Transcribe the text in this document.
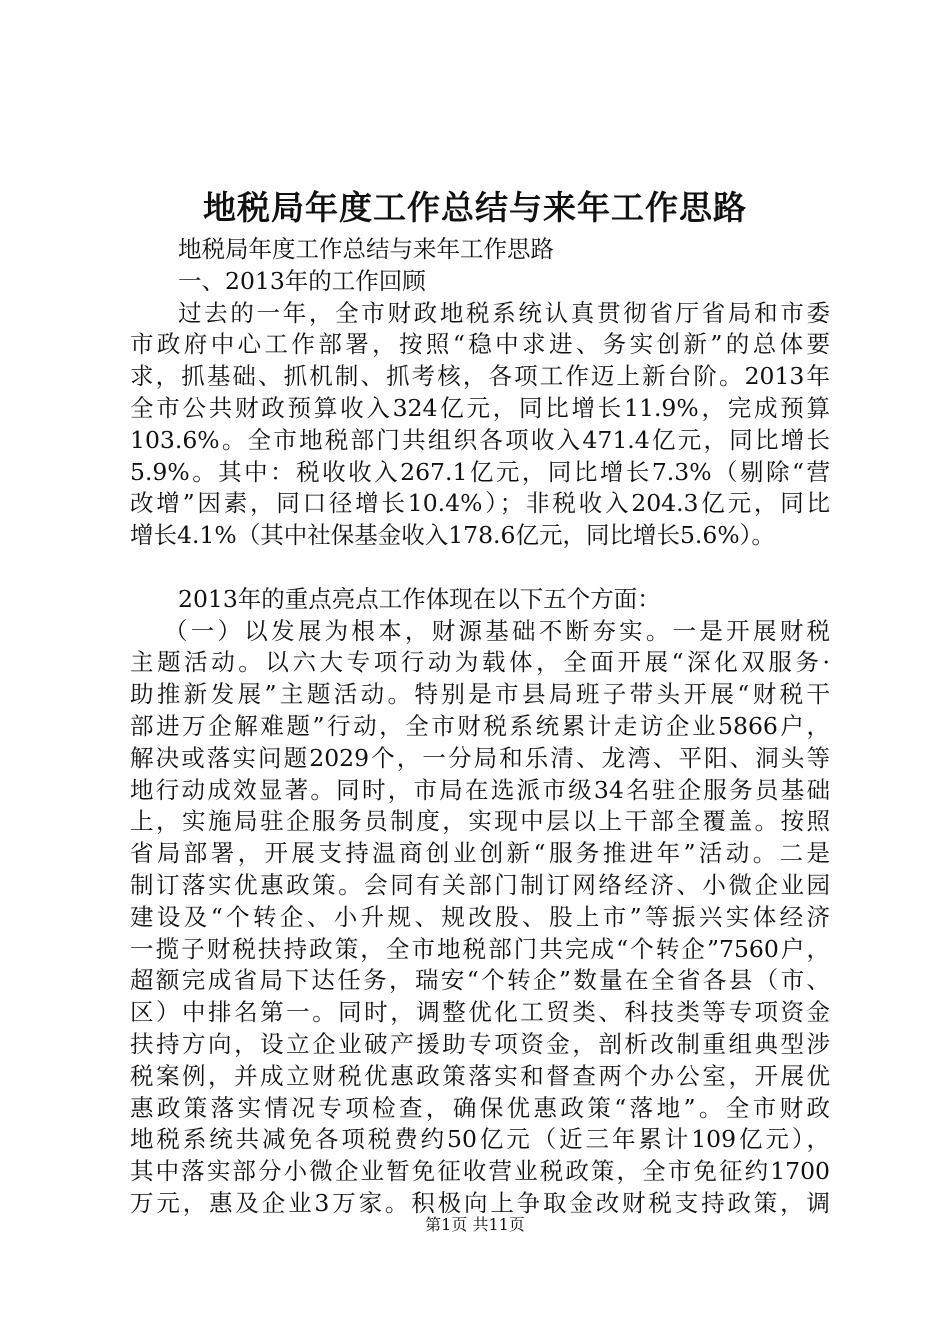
地税局年度工作总结与来年工作思路
地税局年度工作总结与来年工作思路
一、2013年的工作回顾
过去的一年，全市财政地税系统认真贯彻省厅省局和市委
市政府中心工作部署，按照“稳中求进、务实创新”的总体要
求，抓基础、抓机制、抓考核，各项工作迈上新台阶。2013年
全市公共财政预算收入324亿元，同比增长11.9%，完成预算
103.6%。全市地税部门共组织各项收入471.4亿元，同比增长
5.9%。其中：税收收入267.1亿元，同比增长7.3%（剔除“营
改增”因素，同口径增长10.4%）；非税收入204.3亿元，同比
增长4.1%（其中社保基金收入178.6亿元，同比增长5.6%）。
2013年的重点亮点工作体现在以下五个方面：
（一）以发展为根本，财源基础不断夯实。一是开展财税
主题活动。以六大专项行动为载体，全面开展“深化双服务·
助推新发展”主题活动。特别是市县局班子带头开展“财税干
部进万企解难题”行动，全市财税系统累计走访企业5866户，
解决或落实问题2029个，一分局和乐清、龙湾、平阳、洞头等
地行动成效显著。同时，市局在选派市级34名驻企服务员基础
上，实施局驻企服务员制度，实现中层以上干部全覆盖。按照
省局部署，开展支持温商创业创新“服务推进年”活动。二是
制订落实优惠政策。会同有关部门制订网络经济、小微企业园
建设及“个转企、小升规、规改股、股上市”等振兴实体经济
一揽子财税扶持政策，全市地税部门共完成“个转企”7560户，
超额完成省局下达任务，瑞安“个转企”数量在全省各县（市、
区）中排名第一。同时，调整优化工贸类、科技类等专项资金
扶持方向，设立企业破产援助专项资金，剖析改制重组典型涉
税案例，并成立财税优惠政策落实和督查两个办公室，开展优
惠政策落实情况专项检查，确保优惠政策“落地”。全市财政
地税系统共减免各项税费约50亿元（近三年累计109亿元），
其中落实部分小微企业暂免征收营业税政策，全市免征约1700
万元，惠及企业3万家。积极向上争取金改财税支持政策，调
第1页 共11页
